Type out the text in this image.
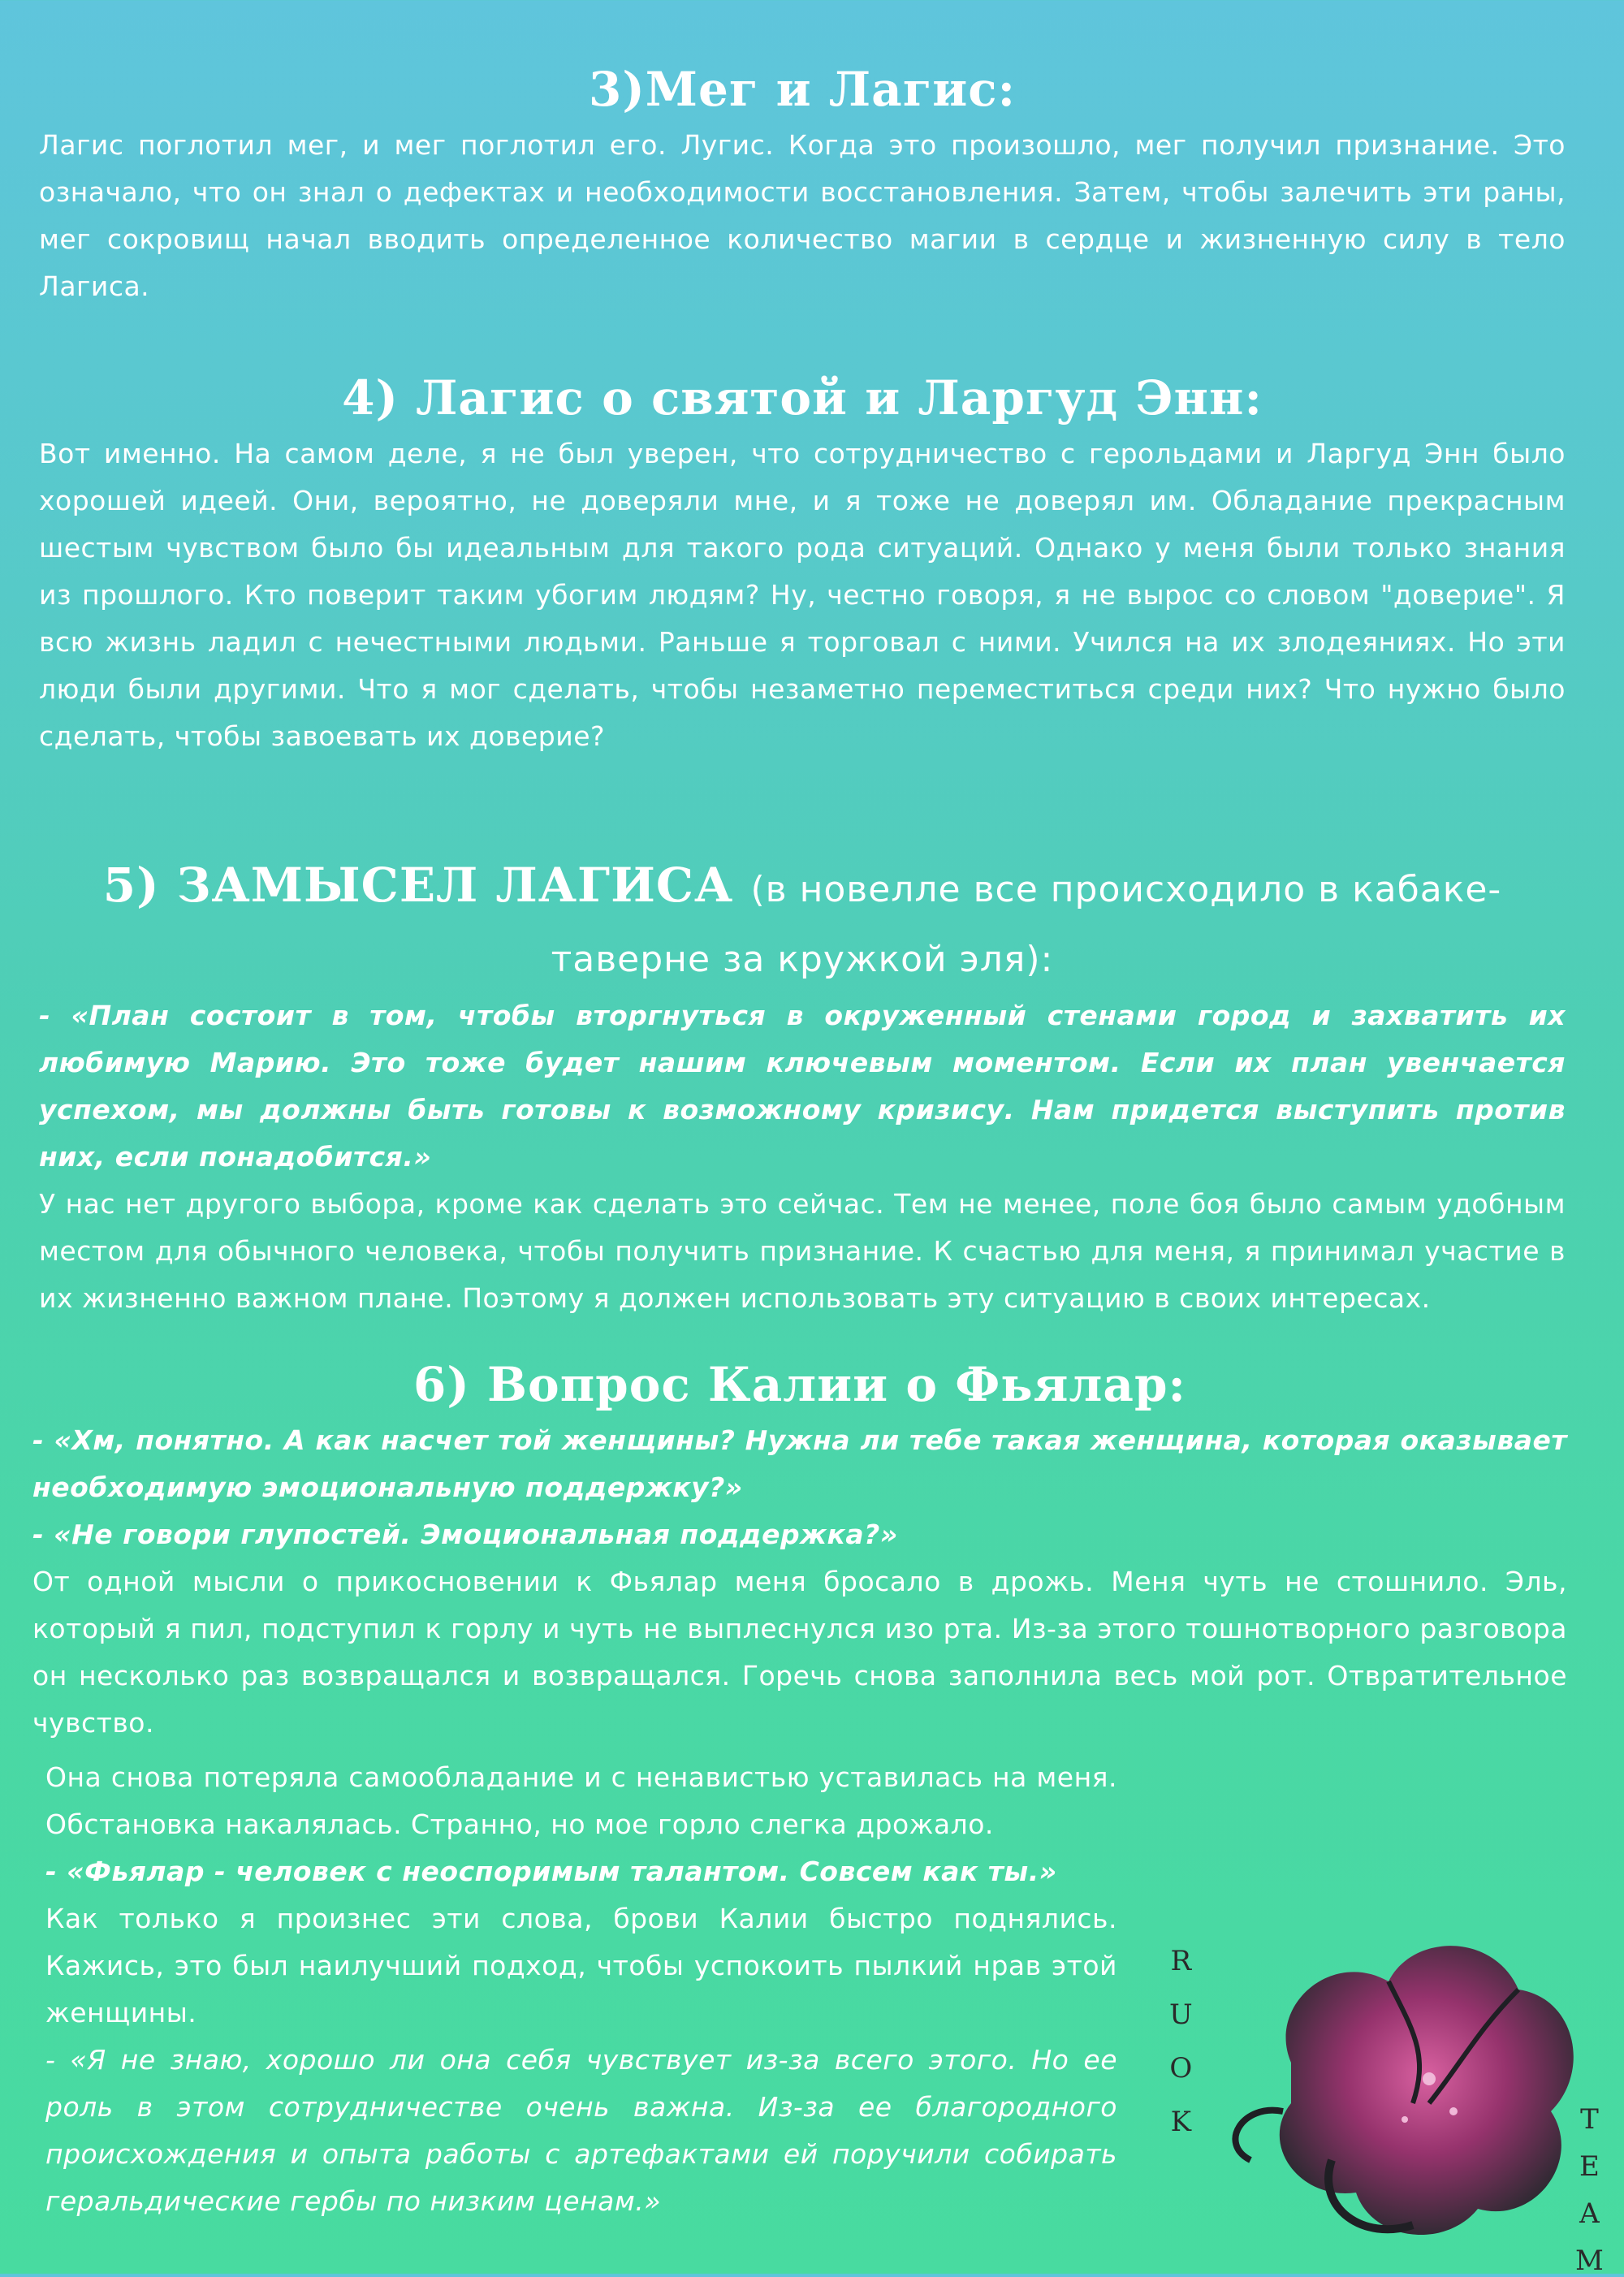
3)Мег и Лагис:

Лагис поглотил мег, и мег поглотил его. Лугис. Когда это произошло, мег получил признание. Это означало, что он знал о дефектах и необходимости восстановления. Затем, чтобы залечить эти раны, мег сокровищ начал вводить определенное количество магии в сердце и жизненную силу в тело Лагиса.

4) Лагис о святой и Ларгуд Энн:

Вот именно. На самом деле, я не был уверен, что сотрудничество с герольдами и Ларгуд Энн было хорошей идеей. Они, вероятно, не доверяли мне, и я тоже не доверял им. Обладание прекрасным шестым чувством было бы идеальным для такого рода ситуаций. Однако у меня были только знания из прошлого. Кто поверит таким убогим людям? Ну, честно говоря, я не вырос со словом "доверие". Я всю жизнь ладил с нечестными людьми. Раньше я торговал с ними. Учился на их злодеяниях. Но эти люди были другими. Что я мог сделать, чтобы незаметно переместиться среди них? Что нужно было сделать, чтобы завоевать их доверие?

5) ЗАМЫСЕЛ ЛАГИСА (в новелле все происходило в кабаке-таверне за кружкой эля):

- «План состоит в том, чтобы вторгнуться в окруженный стенами город и захватить их любимую Марию. Это тоже будет нашим ключевым моментом. Если их план увенчается успехом, мы должны быть готовы к возможному кризису. Нам придется выступить против них, если понадобится.»

У нас нет другого выбора, кроме как сделать это сейчас. Тем не менее, поле боя было самым удобным местом для обычного человека, чтобы получить признание. К счастью для меня, я принимал участие в их жизненно важном плане. Поэтому я должен использовать эту ситуацию в своих интересах.

6) Вопрос Калии о Фьялар:

- «Хм, понятно. А как насчет той женщины? Нужна ли тебе такая женщина, которая оказывает необходимую эмоциональную поддержку?»

- «Не говори глупостей. Эмоциональная поддержка?»

От одной мысли о прикосновении к Фьялар меня бросало в дрожь. Меня чуть не стошнило. Эль, который я пил, подступил к горлу и чуть не выплеснулся изо рта. Из-за этого тошнотворного разговора он несколько раз возвращался и возвращался. Горечь снова заполнила весь мой рот. Отвратительное чувство.

Она снова потеряла самообладание и с ненавистью уставилась на меня. Обстановка накалялась. Странно, но мое горло слегка дрожало.

- «Фьялар - человек с неоспоримым талантом. Совсем как ты.»

Как только я произнес эти слова, брови Калии быстро поднялись. Кажись, это был наилучший подход, чтобы успокоить пылкий нрав этой женщины.

- «Я не знаю, хорошо ли она себя чувствует из-за всего этого. Но ее роль в этом сотрудничестве очень важна. Из-за ее благородного происхождения и опыта работы с артефактами ей поручили собирать геральдические гербы по низким ценам.»

R
U
O
K	T
E
A
M
